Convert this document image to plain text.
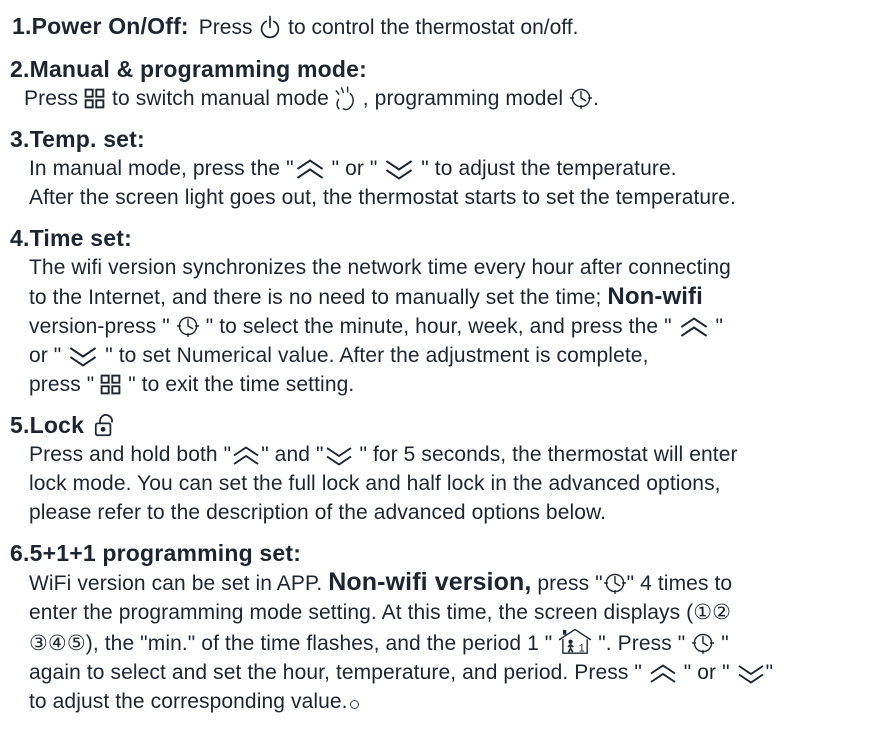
1.Power On/Off: Press  to control the thermostat on/off.
2.Manual & programming mode:
Press  to switch manual mode  , programming model .
3.Temp. set:
In manual mode, press the " " or "  " to adjust the temperature.
After the screen light goes out, the thermostat starts to set the temperature.
4.Time set:
The wifi version synchronizes the network time every hour after connecting
to the Internet, and there is no need to manually set the time; Non-wifi
version-press "  " to select the minute, hour, week, and press the "  "
or "  " to set Numerical value. After the adjustment is complete,
press "  " to exit the time setting.
5.Lock
Press and hold both " " and " " for 5 seconds, the thermostat will enter
lock mode. You can set the full lock and half lock in the advanced options,
please refer to the description of the advanced options below.
6.5+1+1 programming set:
WiFi version can be set in APP. Non-wifi version, press " " 4 times to
enter the programming mode setting. At this time, the screen displays (①②
③④⑤), the "min." of the time flashes, and the period 1 "  ". Press "  "
again to select and set the hour, temperature, and period. Press "  " or " "
to adjust the corresponding value.
